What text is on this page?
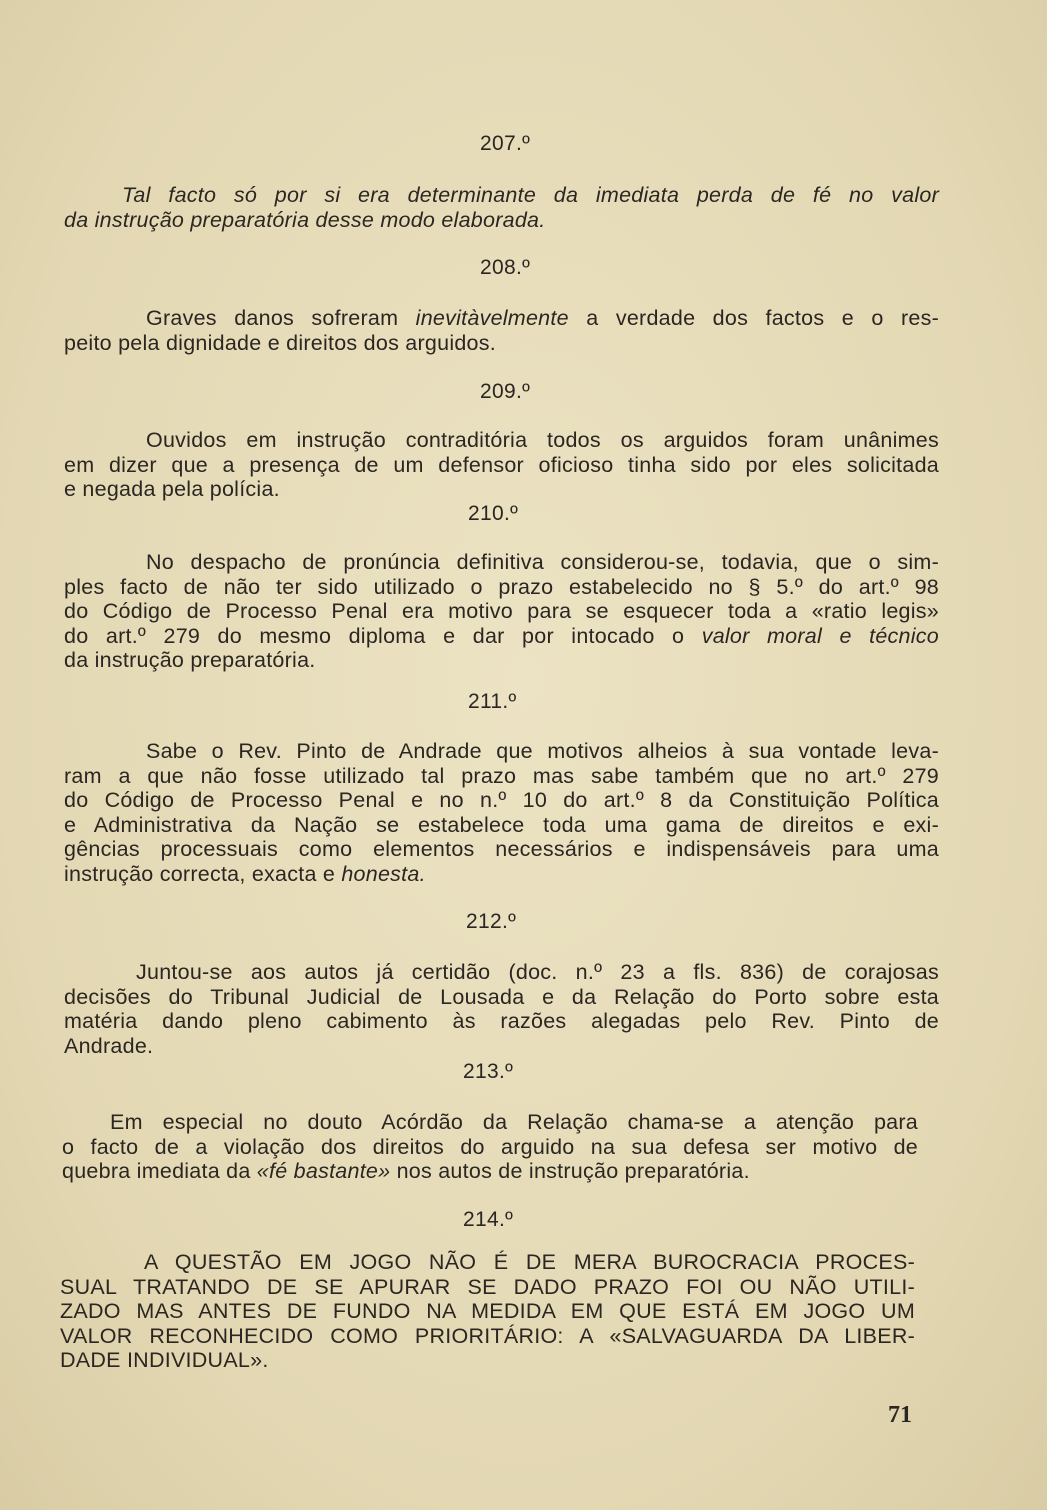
207.º
Tal facto só por si era determinante da imediata perda de fé no valor
da instrução preparatória desse modo elaborada.
208.º
Graves danos sofreram inevitàvelmente a verdade dos factos e o res-
peito pela dignidade e direitos dos arguidos.
209.º
Ouvidos em instrução contraditória todos os arguidos foram unânimes
em dizer que a presença de um defensor oficioso tinha sido por eles solicitada
e negada pela polícia.
210.º
No despacho de pronúncia definitiva considerou-se, todavia, que o sim-
ples facto de não ter sido utilizado o prazo estabelecido no § 5.º do art.º 98
do Código de Processo Penal era motivo para se esquecer toda a «ratio legis»
do art.º 279 do mesmo diploma e dar por intocado o valor moral e técnico
da instrução preparatória.
211.º
Sabe o Rev. Pinto de Andrade que motivos alheios à sua vontade leva-
ram a que não fosse utilizado tal prazo mas sabe também que no art.º 279
do Código de Processo Penal e no n.º 10 do art.º 8 da Constituição Política
e Administrativa da Nação se estabelece toda uma gama de direitos e exi-
gências processuais como elementos necessários e indispensáveis para uma
instrução correcta, exacta e honesta.
212.º
Juntou-se aos autos já certidão (doc. n.º 23 a fls. 836) de corajosas
decisões do Tribunal Judicial de Lousada e da Relação do Porto sobre esta
matéria dando pleno cabimento às razões alegadas pelo Rev. Pinto de
Andrade.
213.º
Em especial no douto Acórdão da Relação chama-se a atenção para
o facto de a violação dos direitos do arguido na sua defesa ser motivo de
quebra imediata da «fé bastante» nos autos de instrução preparatória.
214.º
A QUESTÃO EM JOGO NÃO É DE MERA BUROCRACIA PROCES-
SUAL TRATANDO DE SE APURAR SE DADO PRAZO FOI OU NÃO UTILI-
ZADO MAS ANTES DE FUNDO NA MEDIDA EM QUE ESTÁ EM JOGO UM
VALOR RECONHECIDO COMO PRIORITÁRIO: A «SALVAGUARDA DA LIBER-
DADE INDIVIDUAL».
71
